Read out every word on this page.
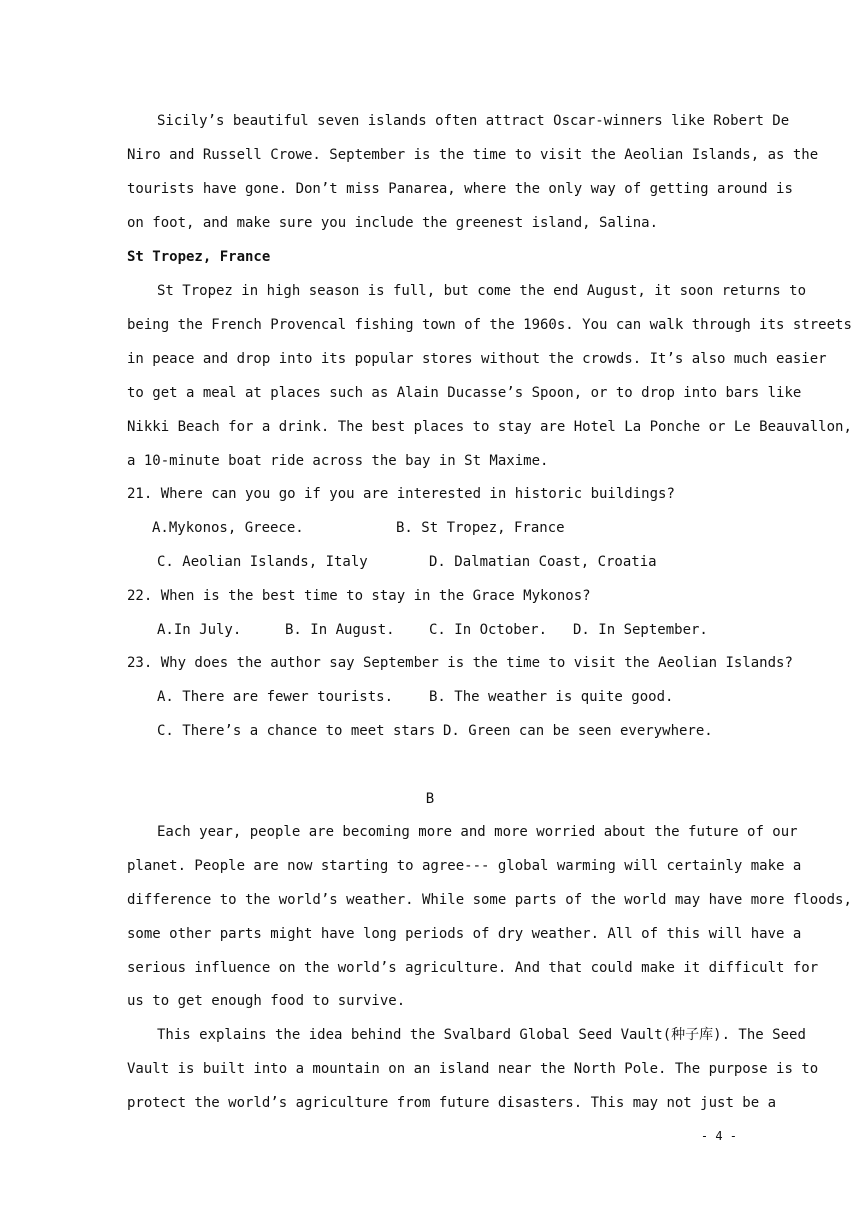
Sicily’s beautiful seven islands often attract Oscar-winners like Robert De
Niro and Russell Crowe. September is the time to visit the Aeolian Islands, as the
tourists have gone. Don’t miss Panarea, where the only way of getting around is
on foot, and make sure you include the greenest island, Salina.
St Tropez, France
St Tropez in high season is full, but come the end August, it soon returns to
being the French Provencal fishing town of the 1960s. You can walk through its streets
in peace and drop into its popular stores without the crowds. It’s also much easier
to get a meal at places such as Alain Ducasse’s Spoon, or to drop into bars like
Nikki Beach for a drink. The best places to stay are Hotel La Ponche or Le Beauvallon,
a 10-minute boat ride across the bay in St Maxime.
21. Where can you go if you are interested in historic buildings?
A.Mykonos, Greece.	B. St Tropez, France
C. Aeolian Islands, Italy	D. Dalmatian Coast, Croatia
22. When is the best time to stay in the Grace Mykonos?
A.In July.	B. In August. C. In October. D. In September.
23. Why does the author say September is the time to visit the Aeolian Islands?
A. There are fewer tourists.	B. The weather is quite good.
C. There’s a chance to meet stars D. Green can be seen everywhere.
B
Each year, people are becoming more and more worried about the future of our
planet. People are now starting to agree--- global warming will certainly make a
difference to the world’s weather. While some parts of the world may have more floods,
some other parts might have long periods of dry weather. All of this will have a
serious influence on the world’s agriculture. And that could make it difficult for
us to get enough food to survive.
This explains the idea behind the Svalbard Global Seed Vault(种子库). The Seed
Vault is built into a mountain on an island near the North Pole. The purpose is to
protect the world’s agriculture from future disasters. This may not just be a
- 4 -
